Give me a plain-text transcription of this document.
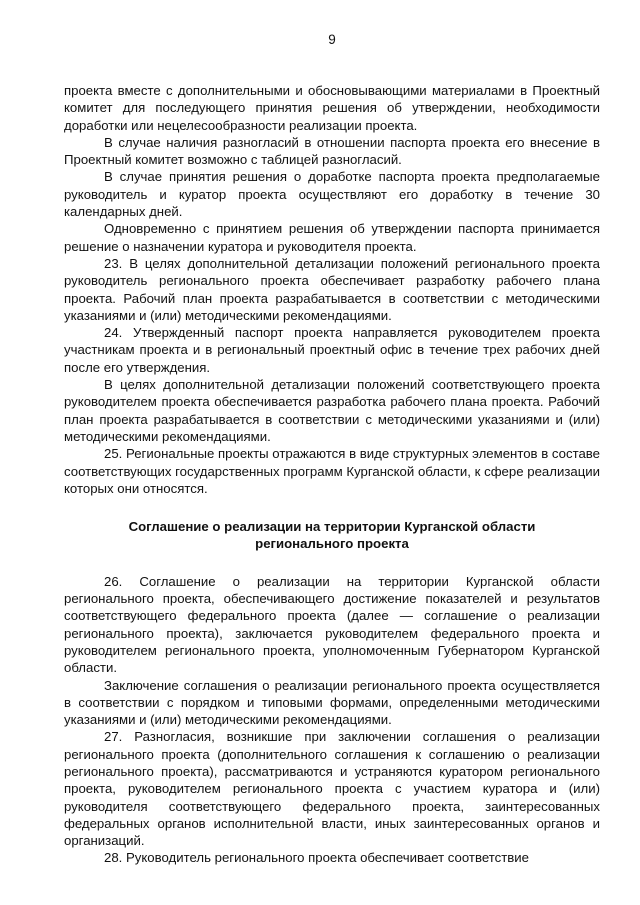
9

проекта вместе с дополнительными и обосновывающими материалами в Проектный комитет для последующего принятия решения об утверждении, необходимости доработки или нецелесообразности реализации проекта.

В случае наличия разногласий в отношении паспорта проекта его внесение в Проектный комитет возможно с таблицей разногласий.

В случае принятия решения о доработке паспорта проекта предполагаемые руководитель и куратор проекта осуществляют его доработку в течение 30 календарных дней.

Одновременно с принятием решения об утверждении паспорта принимается решение о назначении куратора и руководителя проекта.

23. В целях дополнительной детализации положений регионального проекта руководитель регионального проекта обеспечивает разработку рабочего плана проекта. Рабочий план проекта разрабатывается в соответствии с методическими указаниями и (или) методическими рекомендациями.

24. Утвержденный паспорт проекта направляется руководителем проекта участникам проекта и в региональный проектный офис в течение трех рабочих дней после его утверждения.

В целях дополнительной детализации положений соответствующего проекта руководителем проекта обеспечивается разработка рабочего плана проекта. Рабочий план проекта разрабатывается в соответствии с методическими указаниями и (или) методическими рекомендациями.

25. Региональные проекты отражаются в виде структурных элементов в составе соответствующих государственных программ Курганской области, к сфере реализации которых они относятся.

Соглашение о реализации на территории Курганской области регионального проекта

26. Соглашение о реализации на территории Курганской области регионального проекта, обеспечивающего достижение показателей и результатов соответствующего федерального проекта (далее — соглашение о реализации регионального проекта), заключается руководителем федерального проекта и руководителем регионального проекта, уполномоченным Губернатором Курганской области.

Заключение соглашения о реализации регионального проекта осуществляется в соответствии с порядком и типовыми формами, определенными методическими указаниями и (или) методическими рекомендациями.

27. Разногласия, возникшие при заключении соглашения о реализации регионального проекта (дополнительного соглашения к соглашению о реализации регионального проекта), рассматриваются и устраняются куратором регионального проекта, руководителем регионального проекта с участием куратора и (или) руководителя соответствующего федерального проекта, заинтересованных федеральных органов исполнительной власти, иных заинтересованных органов и организаций.

28. Руководитель регионального проекта обеспечивает соответствие
